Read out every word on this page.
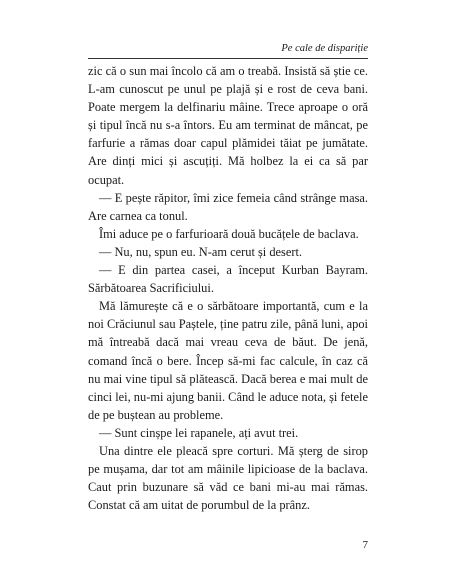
Pe cale de dispariție

zic că o sun mai încolo că am o treabă. Insistă să știe ce. L-am cunoscut pe unul pe plajă și e rost de ceva bani. Poate mergem la delfinariu mâine. Trece aproape o oră și tipul încă nu s-a întors. Eu am terminat de mâncat, pe farfurie a rămas doar capul plămidei tăiat pe jumătate. Are dinți mici și ascuțiți. Mă holbez la ei ca să par ocupat.

— E pește răpitor, îmi zice femeia când strânge masa. Are carnea ca tonul.

Îmi aduce pe o farfurioară două bucățele de baclava.

— Nu, nu, spun eu. N-am cerut și desert.

— E din partea casei, a început Kurban Bayram. Sărbătoarea Sacrificiului.

Mă lămurește că e o sărbătoare importantă, cum e la noi Crăciunul sau Paștele, ține patru zile, până luni, apoi mă întreabă dacă mai vreau ceva de băut. De jenă, comand încă o bere. Încep să-mi fac calcule, în caz că nu mai vine tipul să plătească. Dacă berea e mai mult de cinci lei, nu-mi ajung banii. Când le aduce nota, și fetele de pe buștean au probleme.

— Sunt cinșpe lei rapanele, ați avut trei.

Una dintre ele pleacă spre corturi. Mă șterg de sirop pe mușama, dar tot am mâinile lipicioase de la baclava. Caut prin buzunare să văd ce bani mi-au mai rămas. Constat că am uitat de porumbul de la prânz.

7
